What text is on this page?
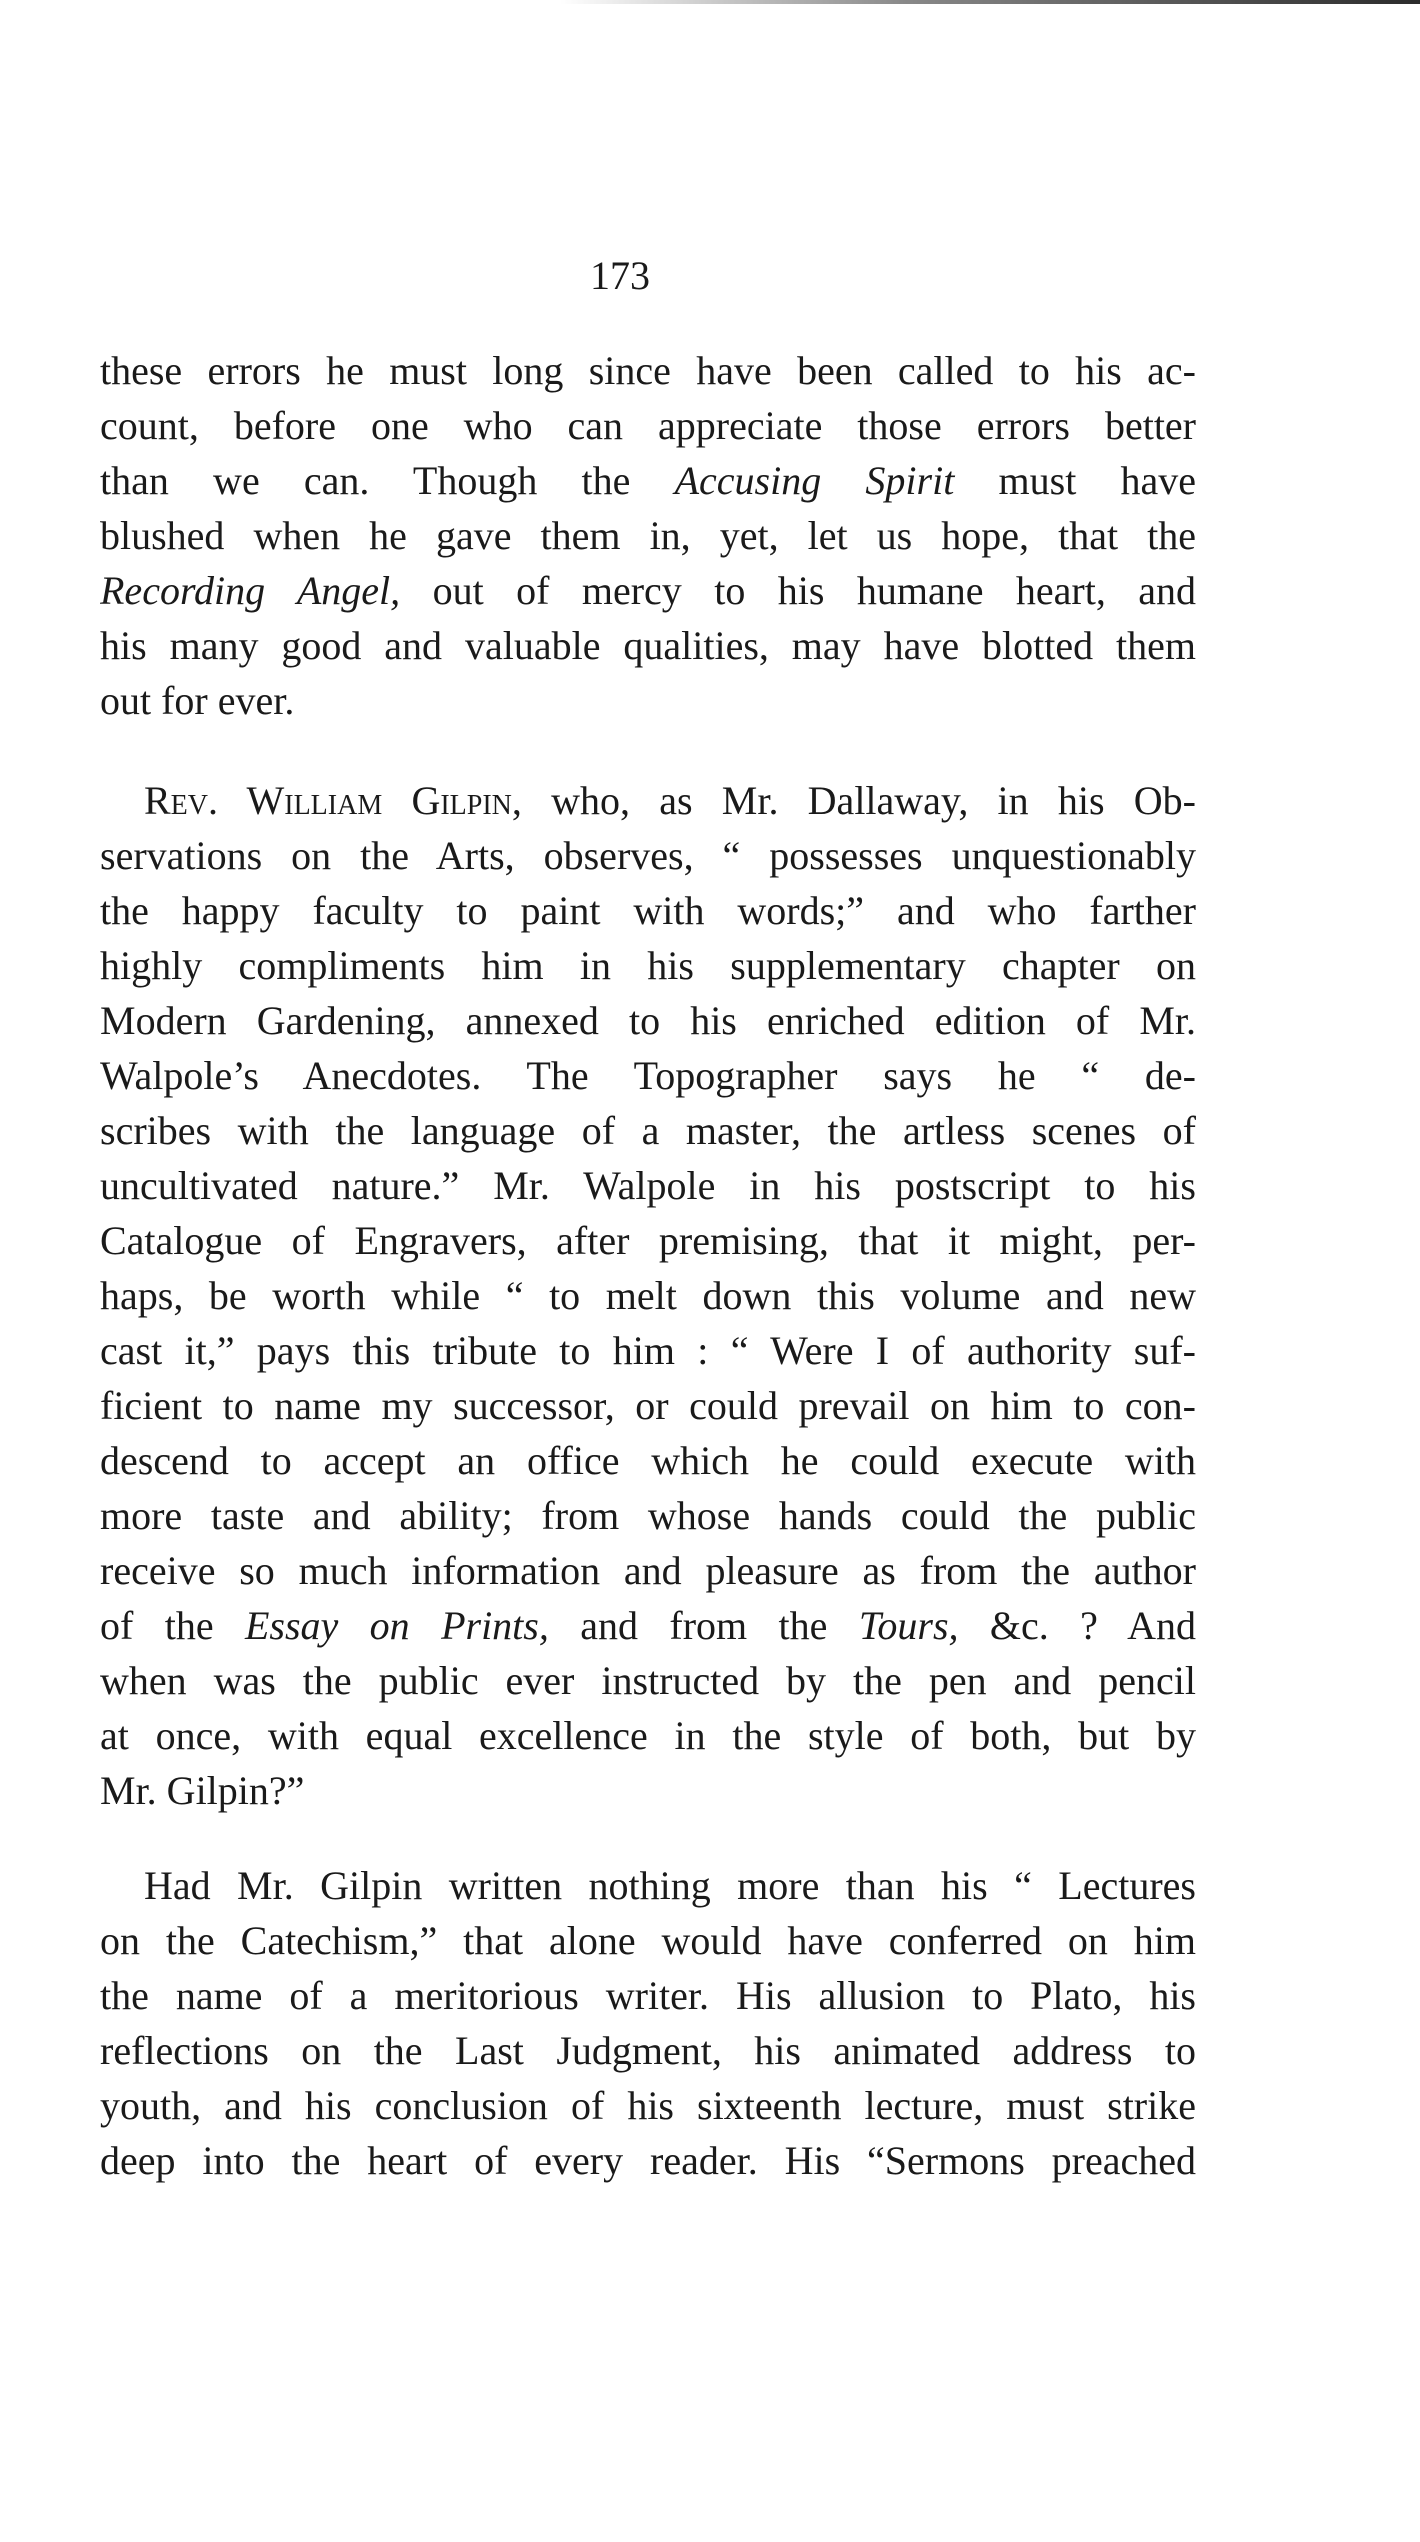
173
these errors he must long since have been called to his ac-
count, before one who can appreciate those errors better
than we can. Though the Accusing Spirit must have
blushed when he gave them in, yet, let us hope, that the
Recording Angel, out of mercy to his humane heart, and
his many good and valuable qualities, may have blotted them
out for ever.
Rev. William Gilpin, who, as Mr. Dallaway, in his Ob-
servations on the Arts, observes, “ possesses unquestionably
the happy faculty to paint with words;” and who farther
highly compliments him in his supplementary chapter on
Modern Gardening, annexed to his enriched edition of Mr.
Walpole’s Anecdotes. The Topographer says he “ de-
scribes with the language of a master, the artless scenes of
uncultivated nature.” Mr. Walpole in his postscript to his
Catalogue of Engravers, after premising, that it might, per-
haps, be worth while “ to melt down this volume and new
cast it,” pays this tribute to him : “ Were I of authority suf-
ficient to name my successor, or could prevail on him to con-
descend to accept an office which he could execute with
more taste and ability; from whose hands could the public
receive so much information and pleasure as from the author
of the Essay on Prints, and from the Tours, &c. ? And
when was the public ever instructed by the pen and pencil
at once, with equal excellence in the style of both, but by
Mr. Gilpin?”
Had Mr. Gilpin written nothing more than his “ Lectures
on the Catechism,” that alone would have conferred on him
the name of a meritorious writer. His allusion to Plato, his
reflections on the Last Judgment, his animated address to
youth, and his conclusion of his sixteenth lecture, must strike
deep into the heart of every reader. His “Sermons preached
